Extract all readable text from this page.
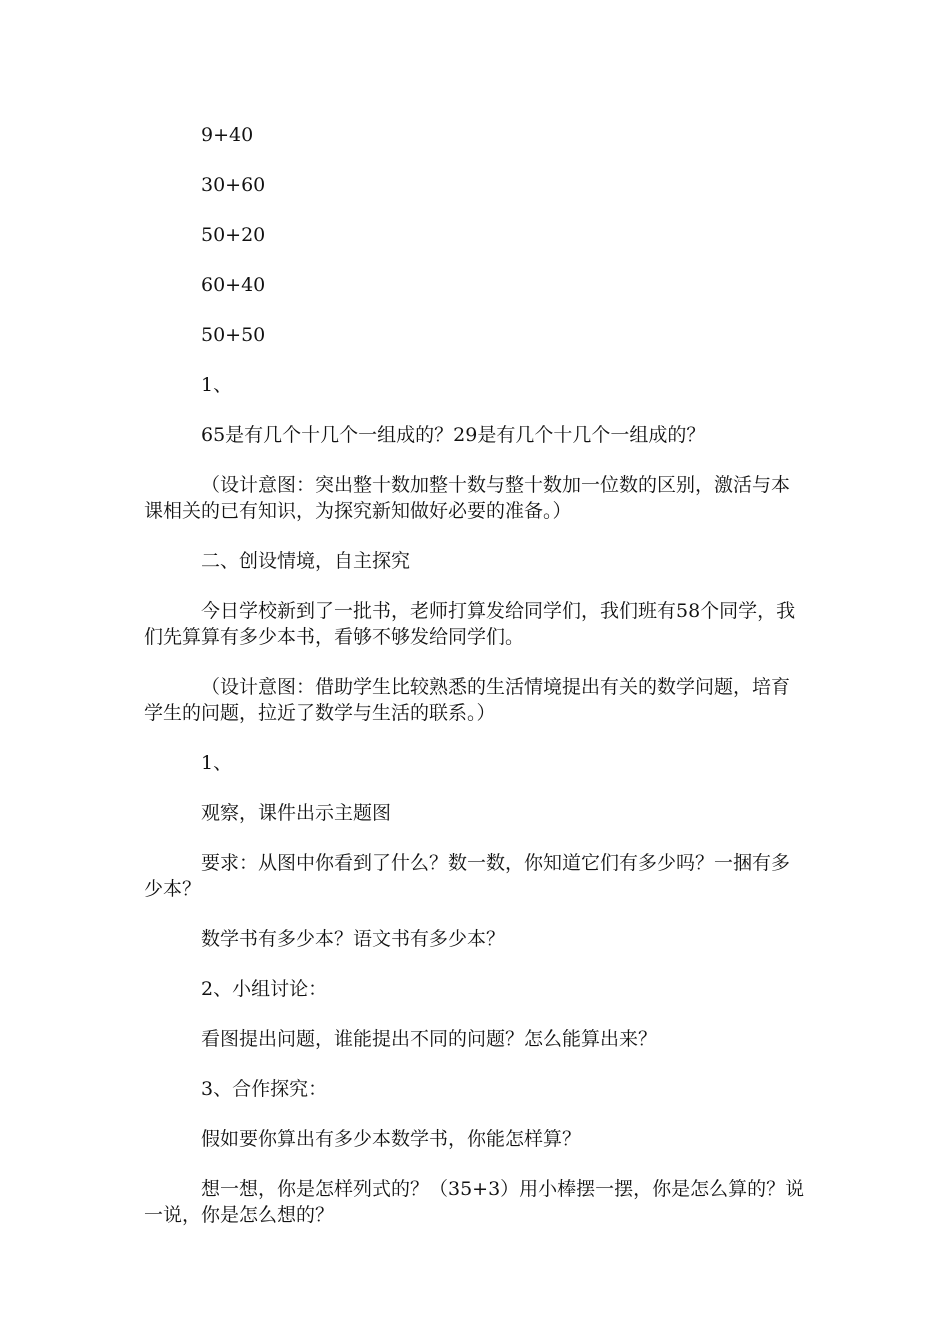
9+40

30+60

50+20

60+40

50+50

1、

65是有几个十几个一组成的？29是有几个十几个一组成的？

（设计意图：突出整十数加整十数与整十数加一位数的区别，激活与本课相关的已有知识，为探究新知做好必要的准备。）

二、创设情境，自主探究

今日学校新到了一批书，老师打算发给同学们，我们班有58个同学，我们先算算有多少本书，看够不够发给同学们。

（设计意图：借助学生比较熟悉的生活情境提出有关的数学问题，培育学生的问题，拉近了数学与生活的联系。）

1、

观察，课件出示主题图

要求：从图中你看到了什么？数一数，你知道它们有多少吗？一捆有多少本？

数学书有多少本？语文书有多少本？

2、小组讨论：

看图提出问题，谁能提出不同的问题？怎么能算出来？

3、合作探究：

假如要你算出有多少本数学书，你能怎样算？

想一想，你是怎样列式的？（35+3）用小棒摆一摆，你是怎么算的？说一说，你是怎么想的？
